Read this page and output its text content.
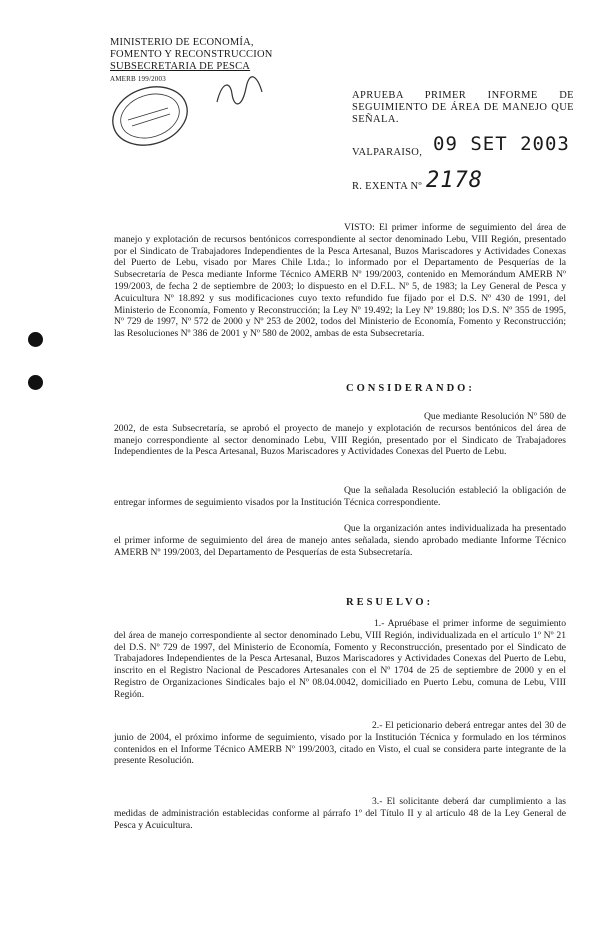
MINISTERIO DE ECONOMÍA,
FOMENTO Y RECONSTRUCCION
SUBSECRETARIA DE PESCA
AMERB 199/2003
APRUEBA PRIMER INFORME DE SEGUIMIENTO DE ÁREA DE MANEJO QUE SEÑALA.
VALPARAISO, 09 SET 2003
R. EXENTA Nº 2178
VISTO: El primer informe de seguimiento del área de manejo y explotación de recursos bentónicos correspondiente al sector denominado Lebu, VIII Región, presentado por el Sindicato de Trabajadores Independientes de la Pesca Artesanal, Buzos Mariscadores y Actividades Conexas del Puerto de Lebu, visado por Mares Chile Ltda.; lo informado por el Departamento de Pesquerías de la Subsecretaría de Pesca mediante Informe Técnico AMERB Nº 199/2003, contenido en Memorándum AMERB Nº 199/2003, de fecha 2 de septiembre de 2003; lo dispuesto en el D.F.L. Nº 5, de 1983; la Ley General de Pesca y Acuicultura Nº 18.892 y sus modificaciones cuyo texto refundido fue fijado por el D.S. Nº 430 de 1991, del Ministerio de Economía, Fomento y Reconstrucción; la Ley Nº 19.492; la Ley Nº 19.880; los D.S. Nº 355 de 1995, Nº 729 de 1997, Nº 572 de 2000 y Nº 253 de 2002, todos del Ministerio de Economía, Fomento y Reconstrucción; las Resoluciones Nº 386 de 2001 y Nº 580 de 2002, ambas de esta Subsecretaría.
CONSIDERANDO:
Que mediante Resolución Nº 580 de 2002, de esta Subsecretaría, se aprobó el proyecto de manejo y explotación de recursos bentónicos del área de manejo correspondiente al sector denominado Lebu, VIII Región, presentado por el Sindicato de Trabajadores Independientes de la Pesca Artesanal, Buzos Mariscadores y Actividades Conexas del Puerto de Lebu.
Que la señalada Resolución estableció la obligación de entregar informes de seguimiento visados por la Institución Técnica correspondiente.
Que la organización antes individualizada ha presentado el primer informe de seguimiento del área de manejo antes señalada, siendo aprobado mediante Informe Técnico AMERB Nº 199/2003, del Departamento de Pesquerías de esta Subsecretaría.
RESUELVO:
1.- Apruébase el primer informe de seguimiento del área de manejo correspondiente al sector denominado Lebu, VIII Región, individualizada en el artículo 1º Nº 21 del D.S. Nº 729 de 1997, del Ministerio de Economía, Fomento y Reconstrucción, presentado por el Sindicato de Trabajadores Independientes de la Pesca Artesanal, Buzos Mariscadores y Actividades Conexas del Puerto de Lebu, inscrito en el Registro Nacional de Pescadores Artesanales con el Nº 1704 de 25 de septiembre de 2000 y en el Registro de Organizaciones Sindicales bajo el Nº 08.04.0042, domiciliado en Puerto Lebu, comuna de Lebu, VIII Región.
2.- El peticionario deberá entregar antes del 30 de junio de 2004, el próximo informe de seguimiento, visado por la Institución Técnica y formulado en los términos contenidos en el Informe Técnico AMERB Nº 199/2003, citado en Visto, el cual se considera parte integrante de la presente Resolución.
3.- El solicitante deberá dar cumplimiento a las medidas de administración establecidas conforme al párrafo 1º del Título II y al artículo 48 de la Ley General de Pesca y Acuicultura.
